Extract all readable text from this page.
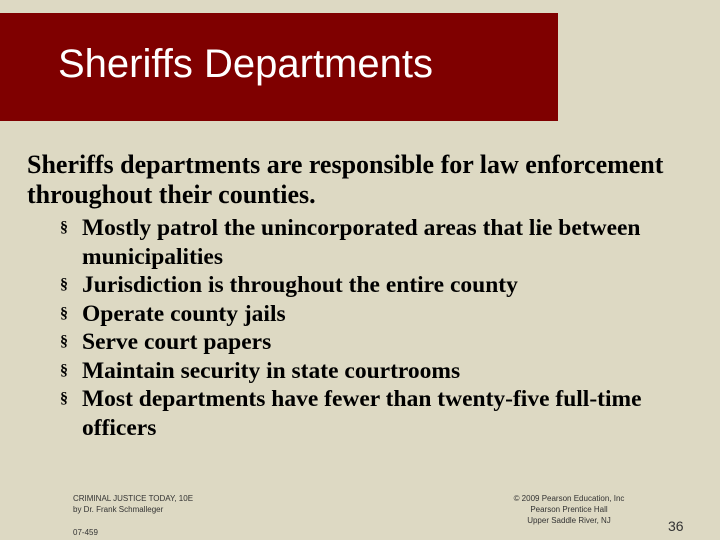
Sheriffs Departments
Sheriffs departments are responsible for law enforcement throughout their counties.
§ Mostly patrol the unincorporated areas that lie between municipalities
§ Jurisdiction is throughout the entire county
§ Operate county jails
§ Serve court papers
§ Maintain security in state courtrooms
§ Most departments have fewer than twenty-five full-time officers
CRIMINAL JUSTICE TODAY, 10E
by Dr. Frank Schmalleger
07-459
© 2009 Pearson Education, Inc
Pearson Prentice Hall
Upper Saddle River, NJ	36
